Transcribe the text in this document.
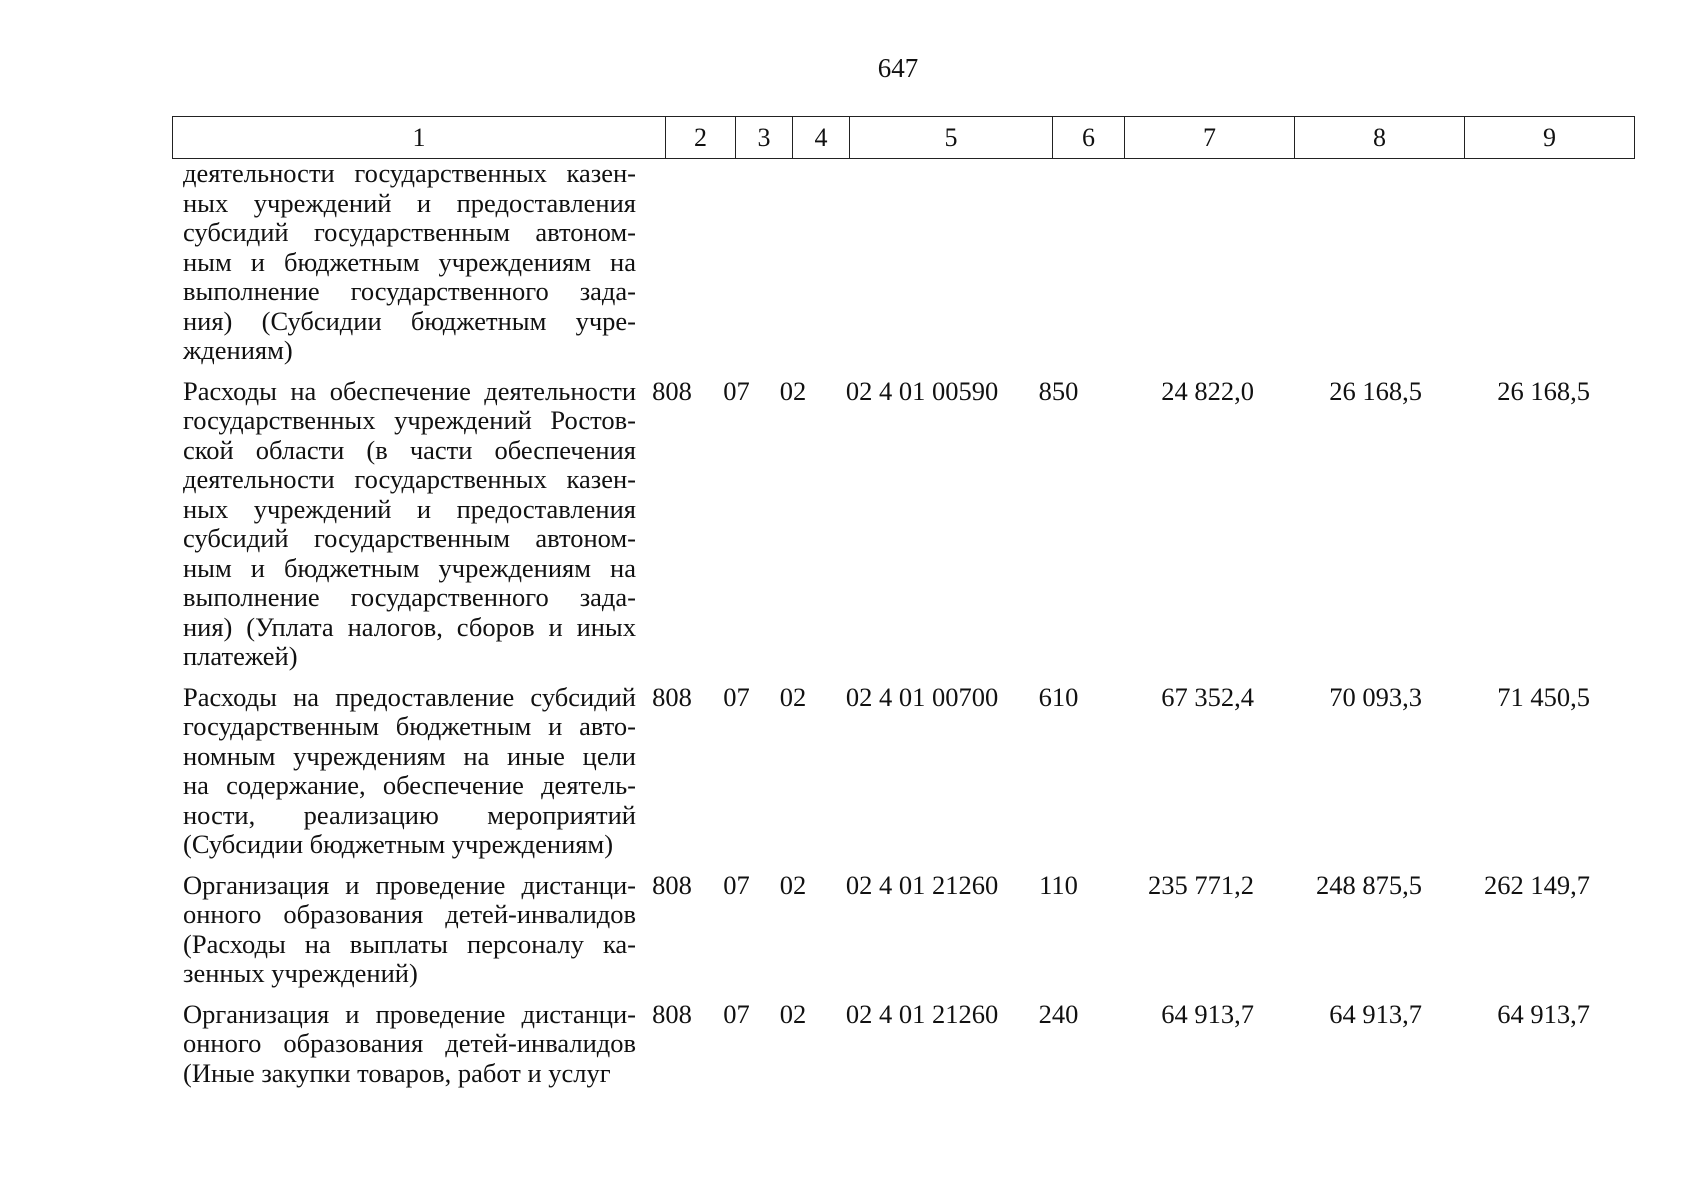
647
1	2	3	4	5	6	7	8	9
деятельности государственных казен-
ных учреждений и предоставления
субсидий государственным автоном-
ным и бюджетным учреждениям на
выполнение государственного зада-
ния) (Субсидии бюджетным учре-
ждениям)
Расходы на обеспечение деятельности
государственных учреждений Ростов-
ской области (в части обеспечения
деятельности государственных казен-
ных учреждений и предоставления
субсидий государственным автоном-
ным и бюджетным учреждениям на
выполнение государственного зада-
ния) (Уплата налогов, сборов и иных
платежей)
808	07	02	02 4 01 00590	850	24 822,0	26 168,5	26 168,5
Расходы на предоставление субсидий
государственным бюджетным и авто-
номным учреждениям на иные цели
на содержание, обеспечение деятель-
ности, реализацию мероприятий
(Субсидии бюджетным учреждениям)
808	07	02	02 4 01 00700	610	67 352,4	70 093,3	71 450,5
Организация и проведение дистанци-
онного образования детей-инвалидов
(Расходы на выплаты персоналу ка-
зенных учреждений)
808	07	02	02 4 01 21260	110	235 771,2	248 875,5	262 149,7
Организация и проведение дистанци-
онного образования детей-инвалидов
(Иные закупки товаров, работ и услуг
808	07	02	02 4 01 21260	240	64 913,7	64 913,7	64 913,7
